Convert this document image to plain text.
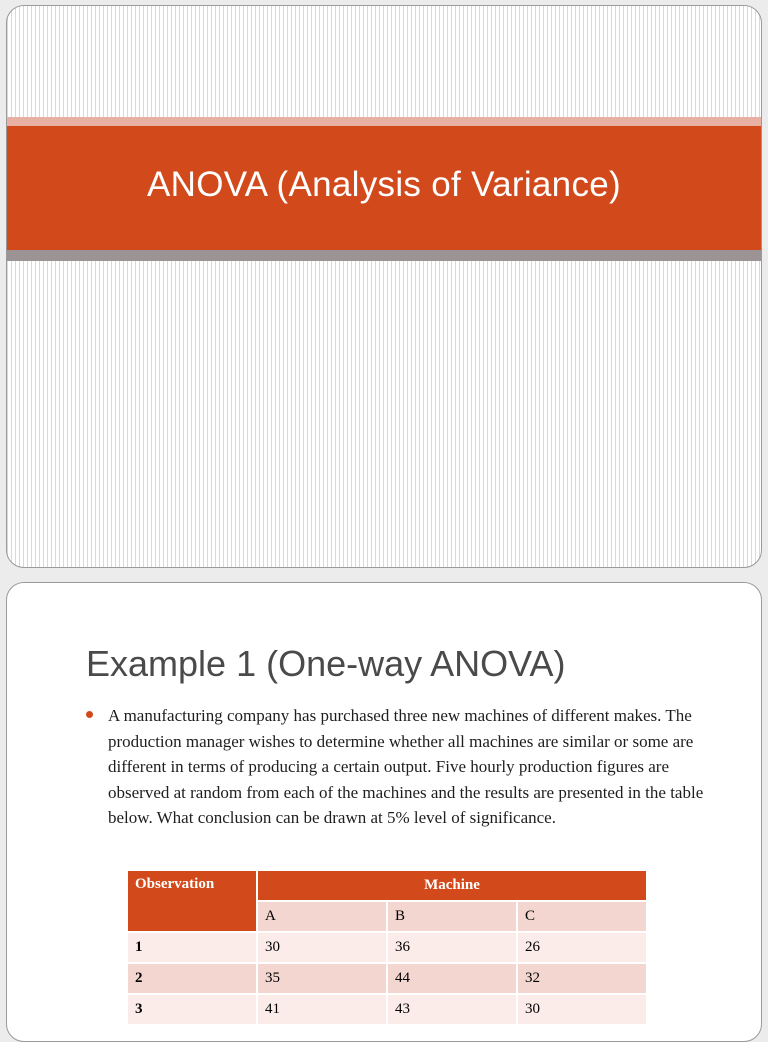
ANOVA (Analysis of Variance)
Example 1 (One-way ANOVA)
A manufacturing company has purchased three new machines of different makes. The production manager wishes to determine whether all machines are similar or some are different in terms of producing a certain output. Five hourly production figures are observed at random from each of the machines and the results are presented in the table below. What conclusion can be drawn at 5% level of significance.
Observation	Machine		
	A	B	C
1	30	36	26
2	35	44	32
3	41	43	30
